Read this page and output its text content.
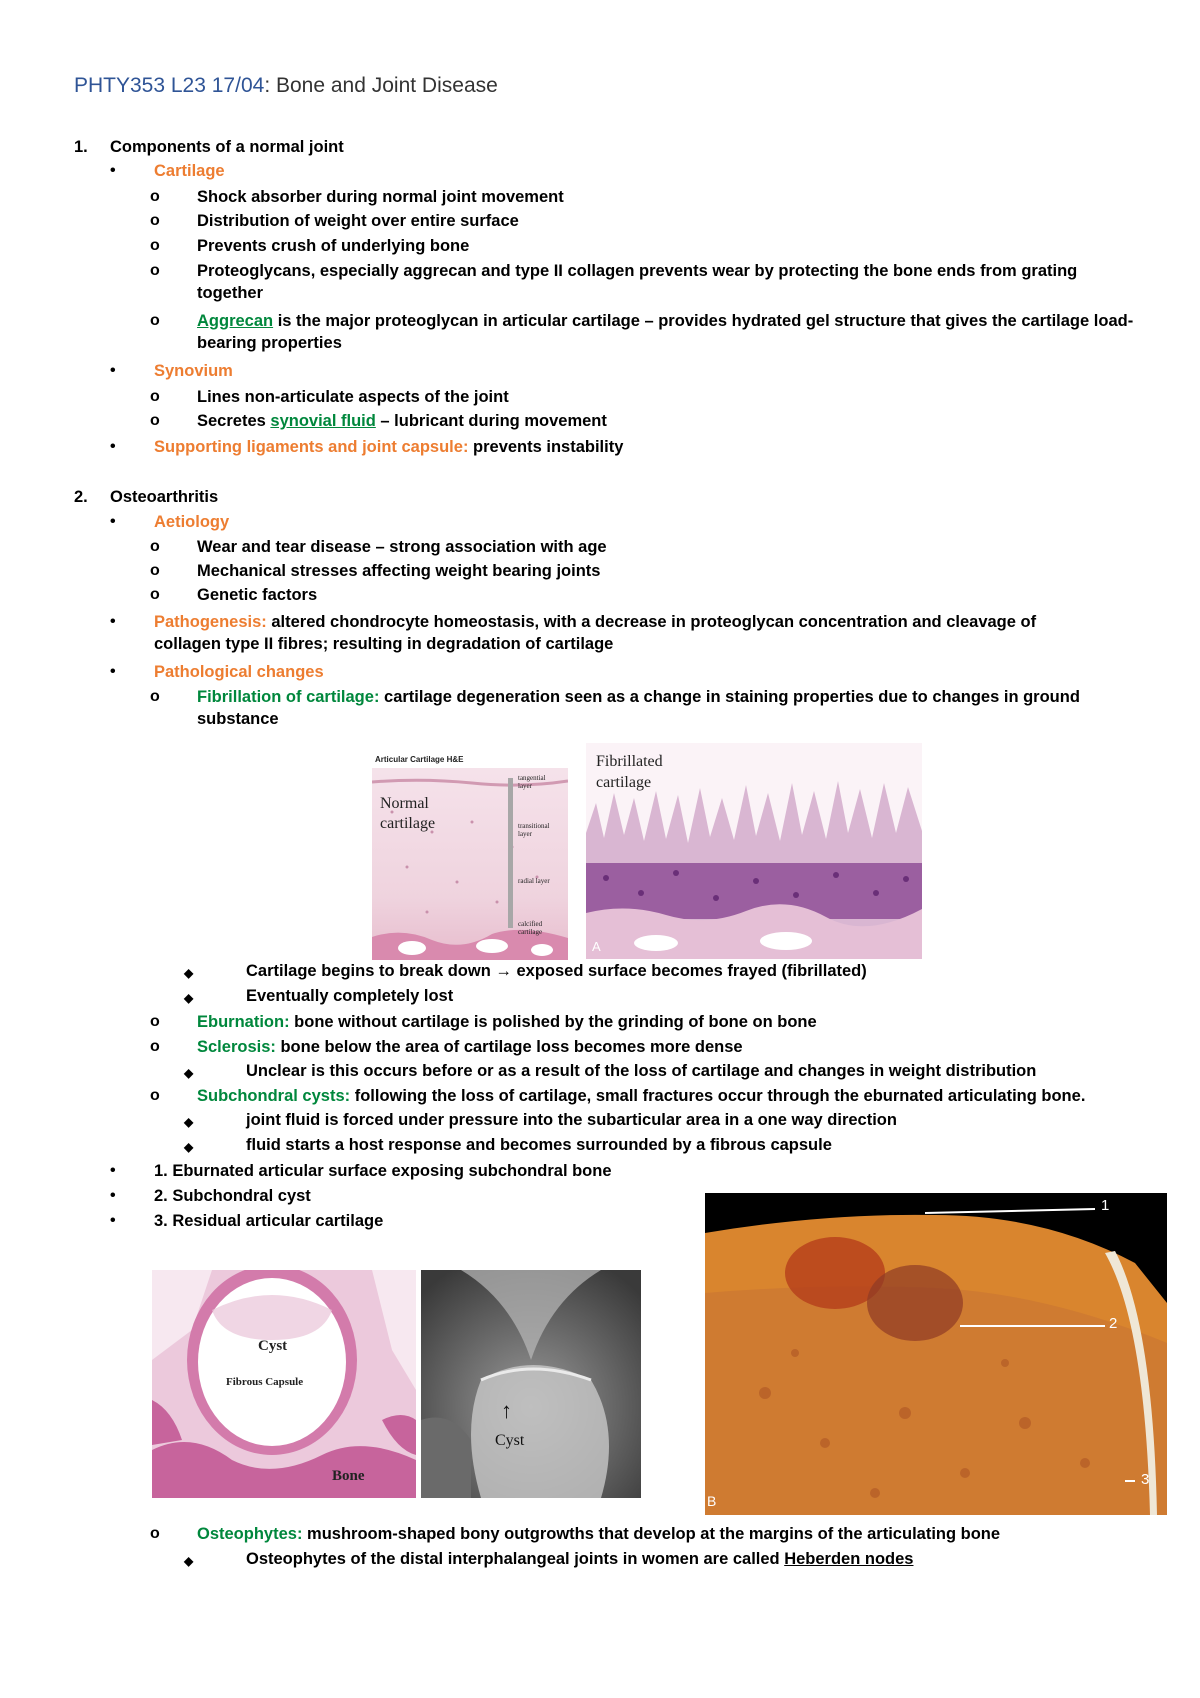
PHTY353 L23 17/04: Bone and Joint Disease
1. Components of a normal joint
• Cartilage
o Shock absorber during normal joint movement
o Distribution of weight over entire surface
o Prevents crush of underlying bone
o Proteoglycans, especially aggrecan and type II collagen prevents wear by protecting the bone ends from grating together
o Aggrecan is the major proteoglycan in articular cartilage – provides hydrated gel structure that gives the cartilage load-bearing properties
• Synovium
o Lines non-articulate aspects of the joint
o Secretes synovial fluid – lubricant during movement
• Supporting ligaments and joint capsule: prevents instability
2. Osteoarthritis
• Aetiology
o Wear and tear disease – strong association with age
o Mechanical stresses affecting weight bearing joints
o Genetic factors
• Pathogenesis: altered chondrocyte homeostasis, with a decrease in proteoglycan concentration and cleavage of collagen type II fibres; resulting in degradation of cartilage
• Pathological changes
o Fibrillation of cartilage: cartilage degeneration seen as a change in staining properties due to changes in ground substance
Articular Cartilage H&E
Normal cartilage
tangential layer
transitional layer
radial layer
calcified cartilage
Fibrillated cartilage
A
◆	Cartilage begins to break down → exposed surface becomes frayed (fibrillated)
◆	Eventually completely lost
o Eburnation: bone without cartilage is polished by the grinding of bone on bone
o Sclerosis: bone below the area of cartilage loss becomes more dense
◆	Unclear is this occurs before or as a result of the loss of cartilage and changes in weight distribution
o Subchondral cysts: following the loss of cartilage, small fractures occur through the eburnated articulating bone.
◆	joint fluid is forced under pressure into the subarticular area in a one way direction
◆	fluid starts a host response and becomes surrounded by a fibrous capsule
• 1. Eburnated articular surface exposing subchondral bone
• 2. Subchondral cyst
• 3. Residual articular cartilage
1
2
3
B
Cyst
Fibrous Capsule
Bone
↑
Cyst
o Osteophytes: mushroom-shaped bony outgrowths that develop at the margins of the articulating bone
◆	Osteophytes of the distal interphalangeal joints in women are called Heberden nodes
